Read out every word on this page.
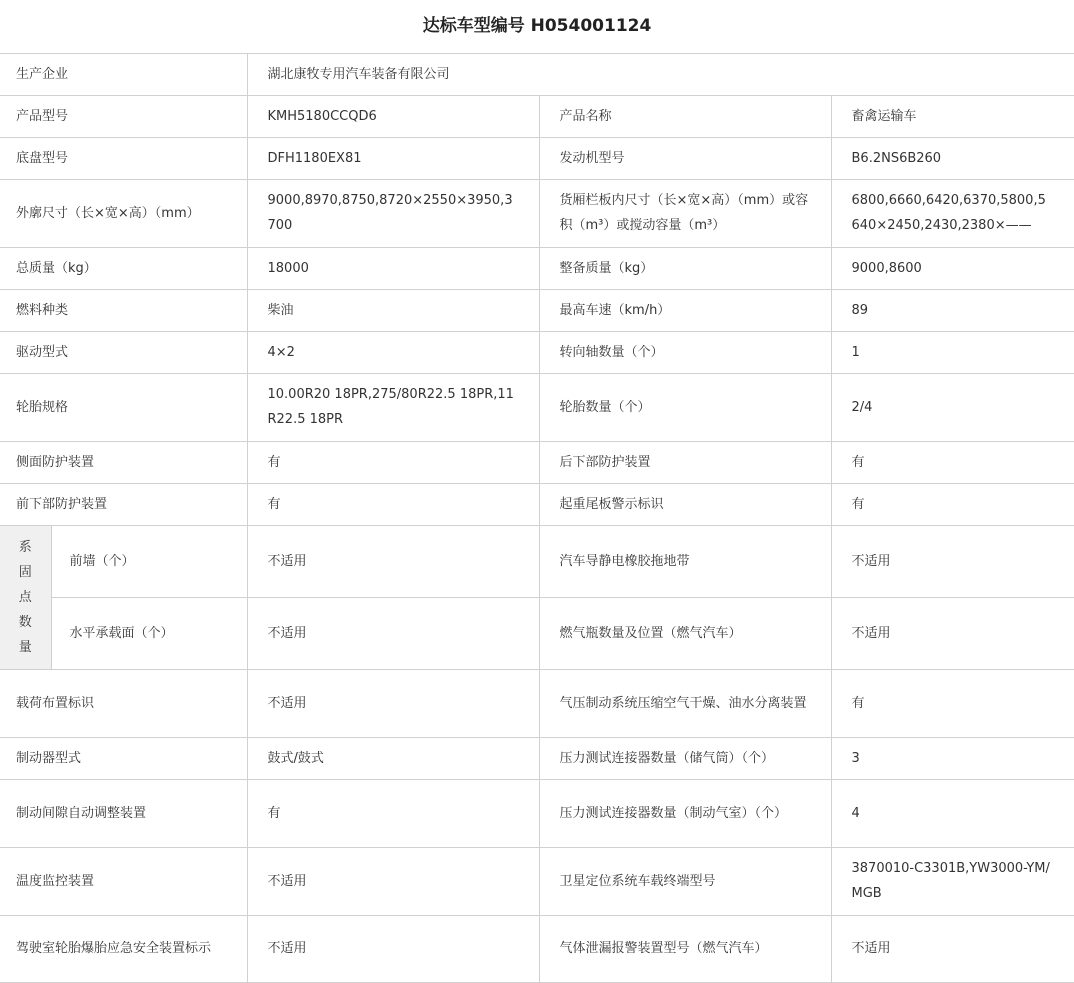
达标车型编号 H054001124				
生产企业		湖北康牧专用汽车装备有限公司		
产品型号		KMH5180CCQD6	产品名称	畜禽运输车
底盘型号		DFH1180EX81	发动机型号	B6.2NS6B260
外廓尺寸（长×宽×高）（mm）		9000,8970,8750,8720×2550×3950,3700	货厢栏板内尺寸（长×宽×高）（mm）或容积（m³）或搅动容量（m³）	6800,6660,6420,6370,5800,5640×2450,2430,2380×——
总质量（kg）		18000	整备质量（kg）	9000,8600
燃料种类		柴油	最高车速（km/h）	89
驱动型式		4×2	转向轴数量（个）	1
轮胎规格		10.00R20 18PR,275/80R22.5 18PR,11R22.5 18PR	轮胎数量（个）	2/4
侧面防护装置		有	后下部防护装置	有
前下部防护装置		有	起重尾板警示标识	有
系
固
点
数
量	前墙（个）	不适用	汽车导静电橡胶拖地带	不适用
	水平承载面（个）	不适用	燃气瓶数量及位置（燃气汽车）	不适用
载荷布置标识		不适用	气压制动系统压缩空气干燥、油水分离装置	有
制动器型式		鼓式/鼓式	压力测试连接器数量（储气筒）（个）	3
制动间隙自动调整装置		有	压力测试连接器数量（制动气室）（个）	4
温度监控装置		不适用	卫星定位系统车载终端型号	3870010-C3301B,YW3000-YM/MGB
驾驶室轮胎爆胎应急安全装置标示		不适用	气体泄漏报警装置型号（燃气汽车）	不适用
